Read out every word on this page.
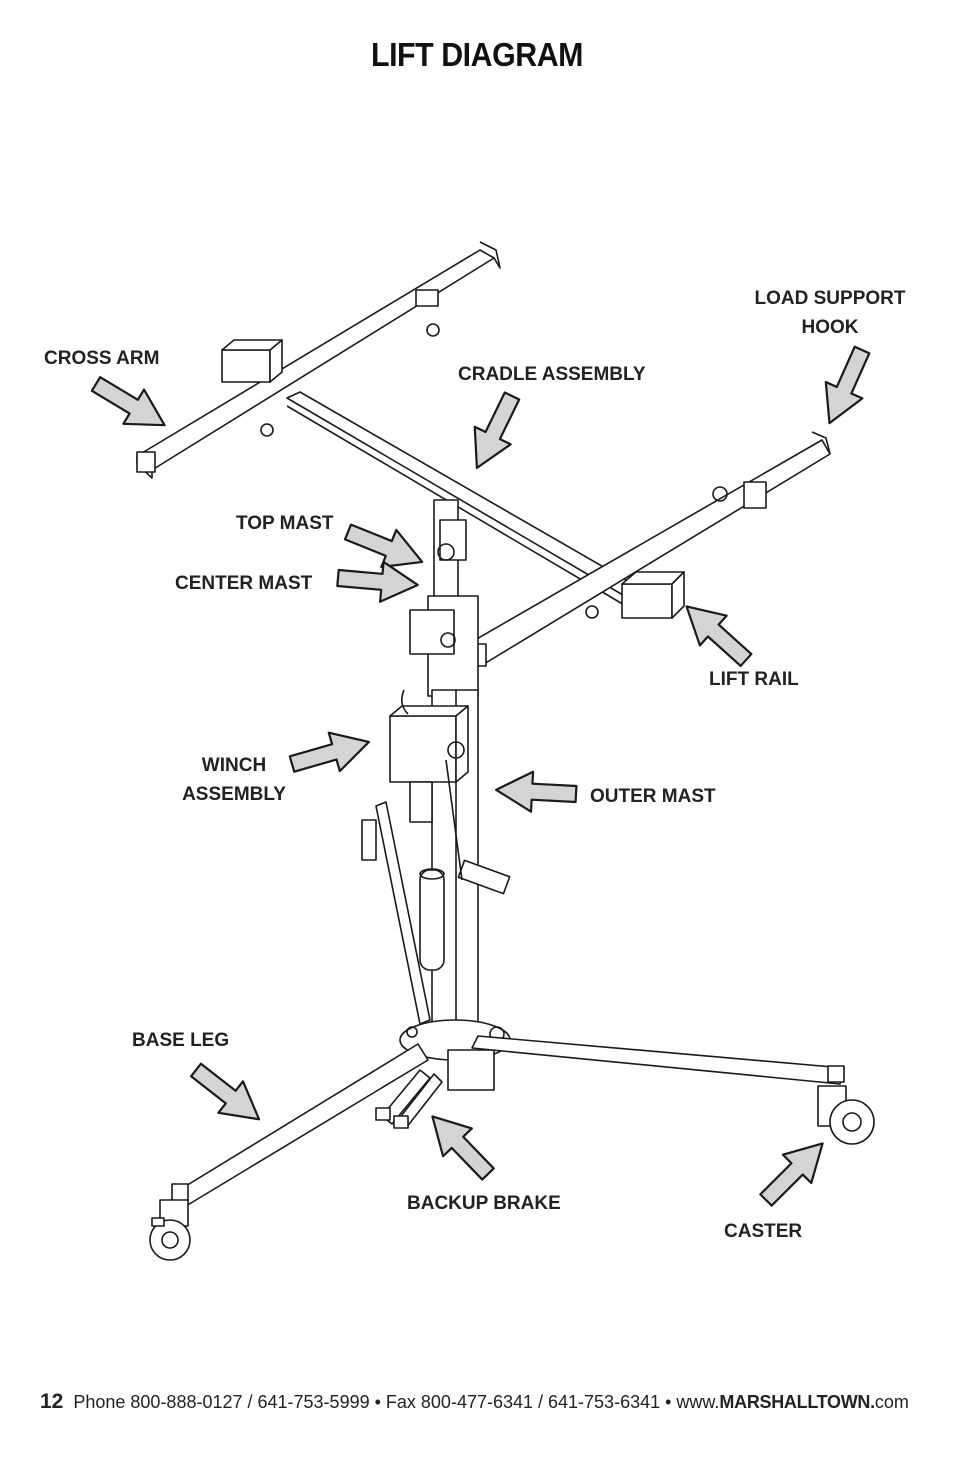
LIFT DIAGRAM
CROSS ARM
CRADLE ASSEMBLY
LOAD SUPPORT
HOOK
TOP MAST
CENTER MAST
LIFT RAIL
WINCH
ASSEMBLY	OUTER MAST
BASE LEG
BACKUP BRAKE
CASTER
12 Phone 800-888-0127 / 641-753-5999 • Fax 800-477-6341 / 641-753-6341 • www.MARSHALLTOWN.com
